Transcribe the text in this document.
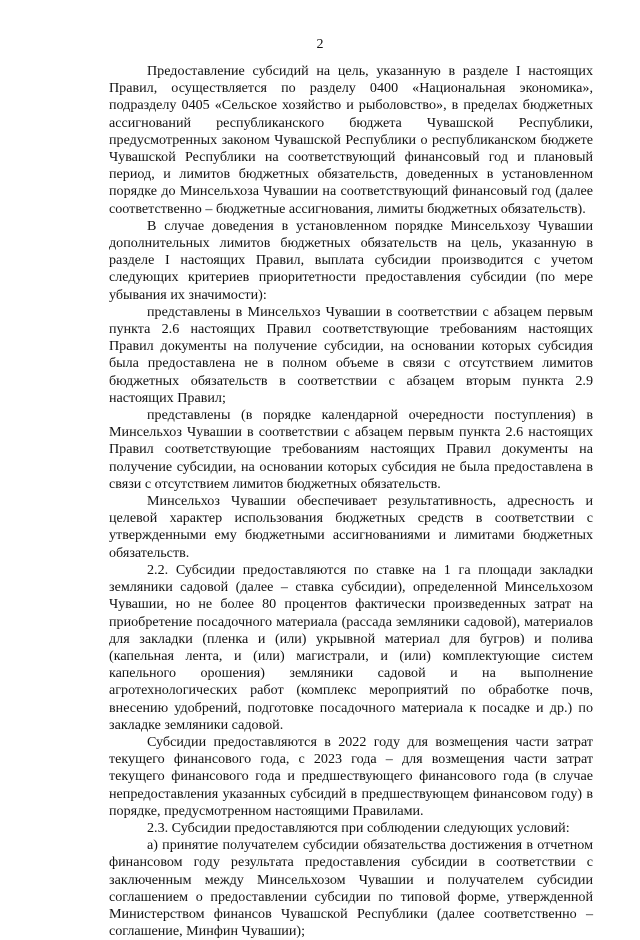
2

Предоставление субсидий на цель, указанную в разделе I настоящих Правил, осуществляется по разделу 0400 «Национальная экономика», подразделу 0405 «Сельское хозяйство и рыболовство», в пределах бюджетных ассигнований республиканского бюджета Чувашской Республики, предусмотренных законом Чувашской Республики о республиканском бюджете Чувашской Республики на соответствующий финансовый год и плановый период, и лимитов бюджетных обязательств, доведенных в установленном порядке до Минсельхоза Чувашии на соответствующий финансовый год (далее соответственно – бюджетные ассигнования, лимиты бюджетных обязательств).

В случае доведения в установленном порядке Минсельхозу Чувашии дополнительных лимитов бюджетных обязательств на цель, указанную в разделе I настоящих Правил, выплата субсидии производится с учетом следующих критериев приоритетности предоставления субсидии (по мере убывания их значимости):

представлены в Минсельхоз Чувашии в соответствии с абзацем первым пункта 2.6 настоящих Правил соответствующие требованиям настоящих Правил документы на получение субсидии, на основании которых субсидия была предоставлена не в полном объеме в связи с отсутствием лимитов бюджетных обязательств в соответствии с абзацем вторым пункта 2.9 настоящих Правил;

представлены (в порядке календарной очередности поступления) в Минсельхоз Чувашии в соответствии с абзацем первым пункта 2.6 настоящих Правил соответствующие требованиям настоящих Правил документы на получение субсидии, на основании которых субсидия не была предоставлена в связи с отсутствием лимитов бюджетных обязательств.

Минсельхоз Чувашии обеспечивает результативность, адресность и целевой характер использования бюджетных средств в соответствии с утвержденными ему бюджетными ассигнованиями и лимитами бюджетных обязательств.

2.2. Субсидии предоставляются по ставке на 1 га площади закладки земляники садовой (далее – ставка субсидии), определенной Минсельхозом Чувашии, но не более 80 процентов фактически произведенных затрат на приобретение посадочного материала (рассада земляники садовой), материалов для закладки (пленка и (или) укрывной материал для бугров) и полива (капельная лента, и (или) магистрали, и (или) комплектующие систем капельного орошения) земляники садовой и на выполнение агротехнологических работ (комплекс мероприятий по обработке почв, внесению удобрений, подготовке посадочного материала к посадке и др.) по закладке земляники садовой.

Субсидии предоставляются в 2022 году для возмещения части затрат текущего финансового года, с 2023 года – для возмещения части затрат текущего финансового года и предшествующего финансового года (в случае непредоставления указанных субсидий в предшествующем финансовом году) в порядке, предусмотренном настоящими Правилами.

2.3. Субсидии предоставляются при соблюдении следующих условий:

а) принятие получателем субсидии обязательства достижения в отчетном финансовом году результата предоставления субсидии в соответствии с заключенным между Минсельхозом Чувашии и получателем субсидии соглашением о предоставлении субсидии по типовой форме, утвержденной Министерством финансов Чувашской Республики (далее соответственно – соглашение, Минфин Чувашии);
